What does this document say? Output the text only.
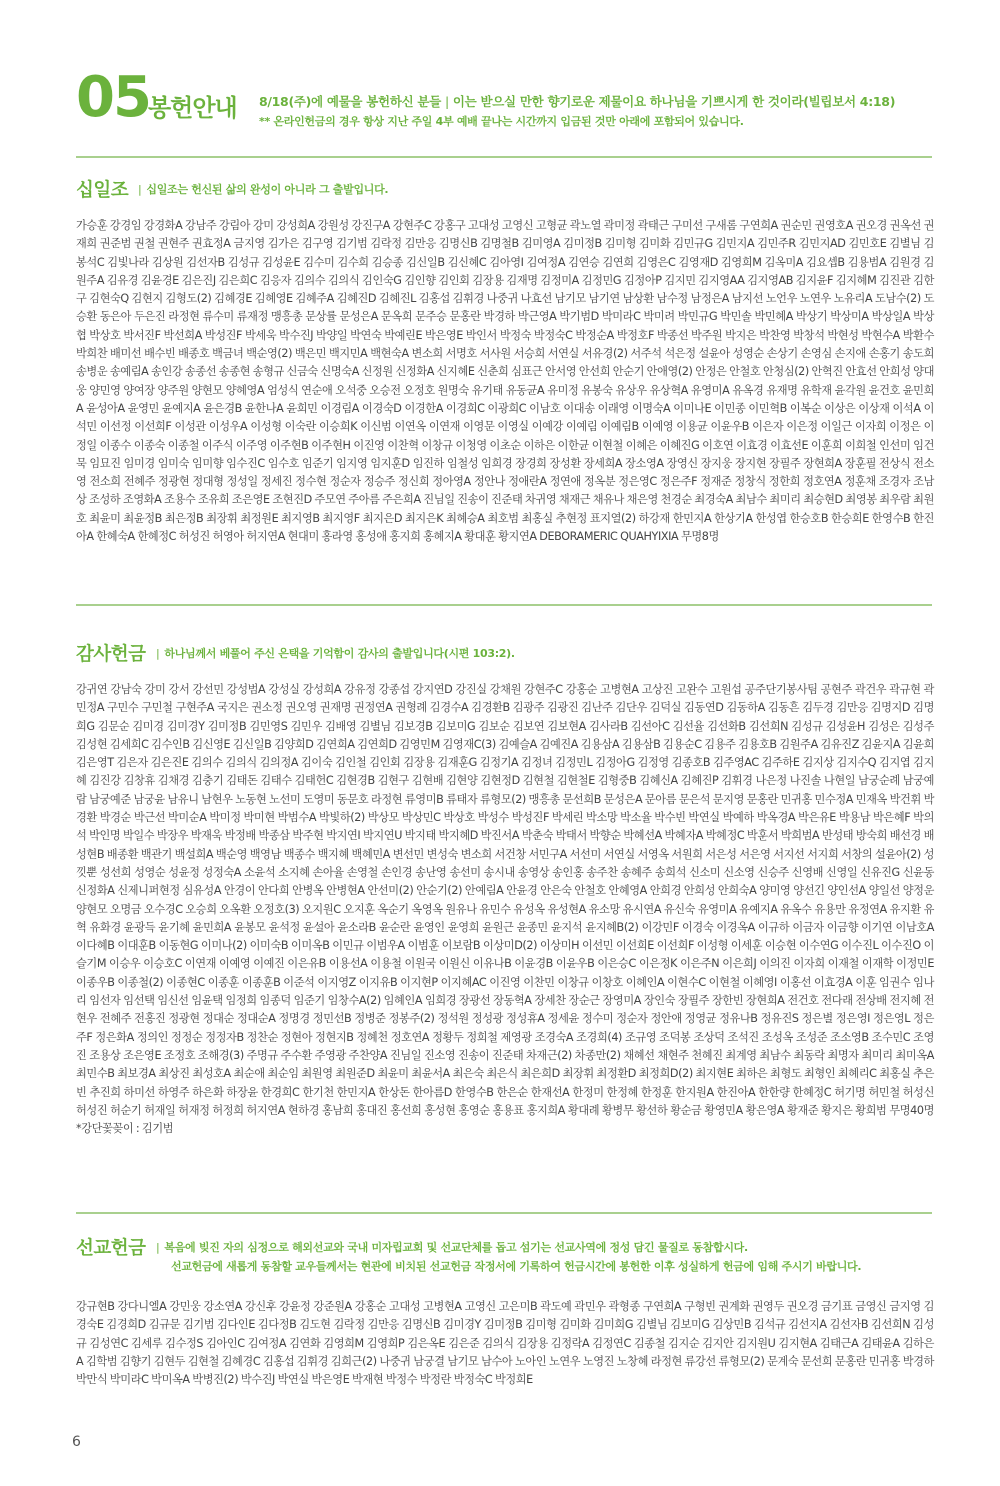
05
봉헌안내 8/18(주)에 예물을 봉헌하신 분들 | 이는 받으실 만한 향기로운 제물이요 하나님을 기쁘시게 한 것이라(빌립보서 4:18)
** 온라인헌금의 경우 항상 지난 주일 4부 예배 끝나는 시간까지 입금된 것만 아래에 포함되어 있습니다.
십일조 | 십일조는 헌신된 삶의 완성이 아니라 그 출발입니다.
가승훈 강경임 강경화A 강남주 강림아 강미 강성희A 강원성 강진구A 강현주C 강홍구 고대성 고영신 고형균 곽노열 곽미정 곽태근 구미선 구새롬 구연희A 권순민 권영호A 권오경 권옥선 권재희 권준범 권철 권현주 권효정A 금지영 김가은 김구영 김기범 김락정 김만응 김명신B 김명철B 김미영A 김미정B 김미형 김미화 김민규G 김민지A 김민주R 김민지AD 김민호E 김별님 김봉석C 김빛나라 김상원 김선자B 김성규 김성윤E 김수미 김수희 김승종 김신일B 김신혜C 김아영I 김여정A 김연승 김연희 김영은C 김영재D 김영희M 김옥미A 김요셉B 김용범A 김원경 김원주A 김유경 김윤경E 김은진J 김은희C 김응자 김의수 김의식 김인숙G 김인향 김인회 김장용 김재명 김정미A 김정민G 김정아P 김지민 김지영AA 김지영AB 김지윤F 김지혜M 김진관 김한구 김현숙Q 김현지 김형도(2) 김혜경E 김혜영E 김혜주A 김혜진D 김혜진L 김홍섭 김휘경 나중귀 나효선 남기모 남기연 남상환 남수정 남정은A 남지선 노언우 노연우 노유리A 도남수(2) 도승환 동은아 두은진 라정현 류수미 류재정 맹흥총 문상률 문성은A 문옥희 문주승 문홍란 박경하 박근영A 박기범D 박미라C 박미려 박민규G 박민솔 박민혜A 박상기 박상미A 박상일A 박상협 박상호 박서진F 박선희A 박성진F 박세욱 박수진J 박양일 박연숙 박예린E 박은영E 박인서 박정숙 박정숙C 박정순A 박정호F 박종선 박주원 박지은 박찬영 박창석 박현성 박현수A 박환수 박희찬 배미선 배수빈 배종호 백금녀 백순영(2) 백은민 백지민A 백현숙A 변소희 서명호 서사원 서승희 서연실 서유경(2) 서주석 석은정 설윤아 성영순 손상기 손영심 손지애 손홍기 송도희 송병운 송예림A 송인강 송종선 송종현 송형규 신금숙 신명숙A 신정원 신정화A 신지혜E 신춘희 심표근 안서영 안선희 안순기 안애영(2) 안정은 안철호 안청심(2) 안혁진 안효선 안희성 양대웅 양민영 양여장 양주원 양현모 양혜영A 엄성식 연순애 오석중 오승전 오정호 원명숙 유기태 유동균A 유미정 유봉숙 유상우 유상혁A 유영미A 유옥경 유재명 유학재 윤각원 윤건호 윤민희A 윤성아A 윤영민 윤예지A 윤은경B 윤한나A 윤희민 이경림A 이경숙D 이경한A 이경희C 이광희C 이남호 이대송 이래영 이명숙A 이미나E 이민종 이민혁B 이복순 이상은 이상재 이석A 이석민 이선정 이선희F 이성관 이성우A 이성형 이숙란 이승희K 이신범 이연옥 이연재 이영문 이영실 이예강 이예림 이예림B 이예영 이용균 이윤우B 이은자 이은정 이일근 이자희 이정은 이정일 이종수 이종숙 이종철 이주식 이주영 이주현B 이주현H 이진영 이찬혁 이창규 이청영 이초순 이하은 이한균 이현철 이혜은 이혜진G 이호연 이효경 이효선E 이훈희 이희철 인선미 임건묵 임묘진 임미경 임미숙 임미향 임수진C 임수호 임준기 임지영 임지훈D 임진하 임철성 임희경 장경희 장성환 장세희A 장소영A 장영신 장지웅 장지현 장필주 장현희A 장훈필 전상식 전소영 전소희 전혜주 정광현 정대형 정성일 정세진 정수현 정순자 정승주 정신희 정아영A 정안나 정애란A 정연애 정옥분 정은영C 정은주F 정재준 정창식 정한희 정호연A 정훈채 조경자 조남상 조성하 조영화A 조용수 조유희 조은영E 조현진D 주모연 주아름 주은희A 진님일 진송이 진준태 차귀영 채재근 채유나 채은영 천경순 최경숙A 최남수 최미리 최승현D 최영봉 최우람 최원호 최윤미 최윤정B 최은정B 최장휘 최정원E 최지영B 최지영F 최지은D 최지은K 최혜승A 최호범 최홍실 추현정 표지열(2) 하강재 한민지A 한상기A 한성엽 한승호B 한승희E 한영수B 한진아A 한혜숙A 한혜정C 허성진 허영아 허지연A 현대미 홍라영 홍성애 홍지희 홍혜지A 황대훈 황지연A DEBORAMERIC QUAHYIXIA 무명8명
감사헌금 | 하나님께서 베풀어 주신 은택을 기억함이 감사의 출발입니다(시편 103:2).
강귀연 강남숙 강미 강서 강선민 강성범A 강성실 강성희A 강유정 강종섭 강지연D 강진실 강채원 강현주C 강홍순 고병현A 고상진 고완수 고원섭 공주단기봉사팀 공현주 곽건우 곽규현 곽민정A 구민수 구민철 구현주A 국지은 권소정 권오영 권재명 권정연A 권형례 김경수A 김경환B 김광주 김광진 김난주 김단우 김덕실 김동연D 김동하A 김동흔 김두경 김만응 김명지D 김명희G 김문순 김미경 김미경Y 김미정B 김민영S 김민우 김배영 김별님 김보경B 김보미G 김보순 김보연 김보현A 김사라B 김선아C 김선율 김선화B 김선희N 김성규 김성윤H 김성은 김성주 김성현 김세희C 김수인B 김신영E 김신일B 김양희D 김연희A 김연희D 김영민M 김영재C(3) 김예슬A 김예진A 김용삼A 김용삼B 김용순C 김용주 김용호B 김원주A 김유진Z 김윤지A 김윤희 김은영T 김은자 김은진E 김의수 김의식 김의정A 김이숙 김인철 김인회 김장용 김재훈G 김정기A 김정녀 김정민L 김정아G 김정영 김종호B 김주영AC 김주하E 김지상 김지수Q 김지엽 김지혜 김진강 김창휴 김채경 김충기 김태돈 김태수 김태헌C 김현경B 김현구 김현배 김현양 김현정D 김현철 김현철E 김형중B 김혜신A 김혜진P 김휘경 나은정 나진솔 나현일 남궁순례 남궁예람 남궁예준 남궁윤 남유니 남현우 노동현 노선미 도영미 동문호 라정현 류영미B 류태자 류형모(2) 맹흥총 문선희B 문성은A 문아름 문은석 문지영 문홍란 민귀홍 민수정A 민재옥 박건휘 박경환 박경순 박근선 박미순A 박미정 박미현 박범수A 박빛하(2) 박상모 박상민C 박상호 박성수 박성진F 박세린 박소망 박소율 박수빈 박연실 박예하 박옥경A 박은유E 박용남 박은혜F 박의석 박인명 박일수 박장우 박재욱 박정배 박종삼 박주현 박지연I 박지연U 박지태 박지혜D 박진서A 박춘숙 박태서 박향순 박혜선A 박혜자A 박혜정C 박훈서 박희범A 반성태 방숙희 배선경 배성현B 배종환 백관기 백설희A 백순영 백영남 백종수 백지혜 백혜민A 변선민 변성숙 변소희 서건창 서민구A 서선미 서연실 서영옥 서원희 서은성 서은영 서지선 서지희 서창의 설윤아(2) 성낏뿐 성선희 성영순 성윤정 성정숙A 소윤석 소지혜 손아율 손영철 손인경 송난영 송선미 송시내 송영상 송인홍 송주찬 송혜주 송희석 신소미 신소영 신승주 신영배 신영일 신유진G 신윤동 신정화A 신제니퍼현정 심유성A 안경이 안다희 안병옥 안병현A 안선미(2) 안순기(2) 안예림A 안윤경 안은숙 안철호 안혜영A 안희경 안희성 안희숙A 양미영 양선긴 양인선A 양일선 양정운 양현모 오명금 오수경C 오승희 오옥환 오정호(3) 오지원C 오지훈 옥순기 옥영옥 원유나 유민수 유성옥 유성현A 유소망 유시연A 유신숙 유영미A 유예지A 유옥수 유용만 유정연A 유지환 유혁 유화경 윤광득 윤기혜 윤민희A 윤봉모 윤석정 윤설아 윤소라B 윤순란 윤영인 윤영희 윤원근 윤종민 윤지석 윤지혜B(2) 이강민F 이경숙 이경옥A 이규하 이금자 이금향 이기연 이남호A 이다혜B 이대훈B 이동현G 이미나(2) 이미숙B 이미옥B 이민규 이범우A 이범훈 이보람B 이상미D(2) 이상미H 이선민 이선희E 이선희F 이성형 이세훈 이승현 이수연G 이수진L 이수진O 이슬기M 이승우 이승호C 이연재 이예영 이예진 이은유B 이용선A 이용철 이원국 이원신 이유나B 이윤경B 이윤우B 이은승C 이은정K 이은주N 이은희J 이의진 이자희 이재철 이재학 이정민E 이종우B 이종철(2) 이종현C 이종훈 이종훈B 이준석 이지영Z 이지유B 이지현P 이지혜AC 이진영 이찬민 이창규 이창호 이혜인A 이현수C 이현철 이혜영I 이홍선 이효경A 이훈 임권수 임나리 임선자 임선택 임신선 임윤택 임정희 임종덕 임준기 임창수A(2) 임혜인A 임희경 장광선 장동혁A 장세찬 장순근 장영미A 장인숙 장필주 장한빈 장현희A 전건호 전다래 전상배 전지혜 전현우 전혜주 전홍진 정광현 정대순 정대순A 정명경 정민선B 정병준 정봉주(2) 정석원 정성광 정성휴A 정세윤 정수미 정순자 정안애 정영균 정유나B 정유진S 정은별 정은영I 정은영L 정은주F 정은화A 정의인 정정순 정정자B 정찬순 정현아 정현지B 정혜천 정호연A 정황두 정희철 제영광 조경숙A 조경희(4) 조규영 조덕봉 조상덕 조석진 조성옥 조성준 조소영B 조수민C 조영진 조용상 조은영E 조정호 조해경(3) 주명규 주수환 주영광 주찬양A 진님일 진소영 진송이 진준태 차재근(2) 차종만(2) 채혜선 채현주 천혜진 최계영 최남수 최동락 최명자 최미리 최미옥A 최민수B 최보경A 최상진 최성호A 최순애 최순임 최원영 최원준D 최윤미 최윤서A 최은숙 최은식 최은희D 최장휘 최정환D 최정희D(2) 최지현E 최하은 최형도 최형인 최혜리C 최홍실 추은빈 추진희 하미선 하영주 하은화 하장윤 한경희C 한기천 한민지A 한상돈 한아름D 한영수B 한은순 한재선A 한정미 한정혜 한정훈 한지원A 한진아A 한한량 한혜정C 허기명 허민철 허성신 허성진 허순기 허재일 허재정 허정희 허지연A 현하경 홍남희 홍대진 홍선희 홍성현 홍영순 홍용표 홍지희A 황대례 황병무 황선하 황순금 황영민A 황은영A 황재준 황지은 황희범 무명40명 *강단꽃꽂이 : 김기범
선교헌금 | 복음에 빚진 자의 심정으로 해외선교와 국내 미자립교회 및 선교단체를 돕고 섬기는 선교사역에 정성 담긴 물질로 동참합시다.
선교헌금에 새롭게 동참할 교우들께서는 현관에 비치된 선교헌금 작정서에 기록하여 헌금시간에 봉헌한 이후 성실하게 헌금에 임해 주시기 바랍니다.
강규현B 강다니엘A 강민웅 강소연A 강신후 강윤정 강준원A 강홍순 고대성 고병현A 고영신 고은미B 곽도예 곽민우 곽형종 구연희A 구형빈 권계화 권영두 권오경 금기표 금영신 금지영 김경숙E 김경희D 김규문 김기범 김다인E 김다정B 김도현 김락정 김만응 김명신B 김미경Y 김미정B 김미형 김미화 김미희G 김별님 김보미G 김상민B 김석규 김선지A 김선자B 김선희N 김성규 김성연C 김세루 김수정S 김아인C 김여정A 김연화 김영희M 김영희P 김은옥E 김은준 김의식 김장용 김정락A 김정연C 김종철 김지순 김지안 김지원U 김지현A 김태근A 김태윤A 김하은A 김학범 김향기 김현두 김현철 김혜경C 김홍섭 김휘경 김희근(2) 나중귀 남궁결 남기모 남수아 노아인 노연우 노영진 노창혜 라정현 류강선 류형모(2) 문계숙 문선희 문홍란 민귀홍 박경하 박만식 박미라C 박미옥A 박병진(2) 박수진J 박연실 박은영E 박재현 박정수 박정란 박정숙C 박정희E
6
